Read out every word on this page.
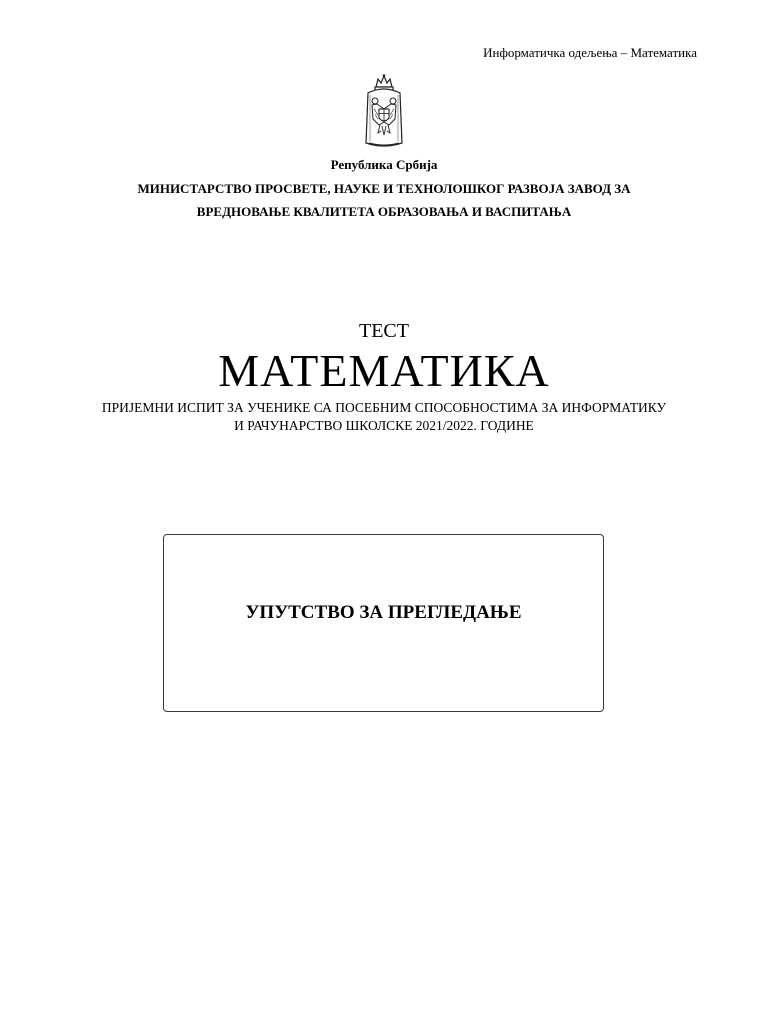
Информатичка одељења – Математика
Република Србија
МИНИСТАРСТВО ПРОСВЕТЕ, НАУКЕ И ТЕХНОЛОШКОГ РАЗВОЈА ЗАВОД ЗА
ВРЕДНОВАЊЕ КВАЛИТЕТА ОБРАЗОВАЊА И ВАСПИТАЊА
ТЕСТ
МАТЕМАТИКА
ПРИЈЕМНИ ИСПИТ ЗА УЧЕНИКЕ СА ПОСЕБНИМ СПОСОБНОСТИМА ЗА ИНФОРМАТИКУ
И РАЧУНАРСТВО ШКОЛСКЕ 2021/2022. ГОДИНЕ
УПУТСТВО ЗА ПРЕГЛЕДАЊЕ
